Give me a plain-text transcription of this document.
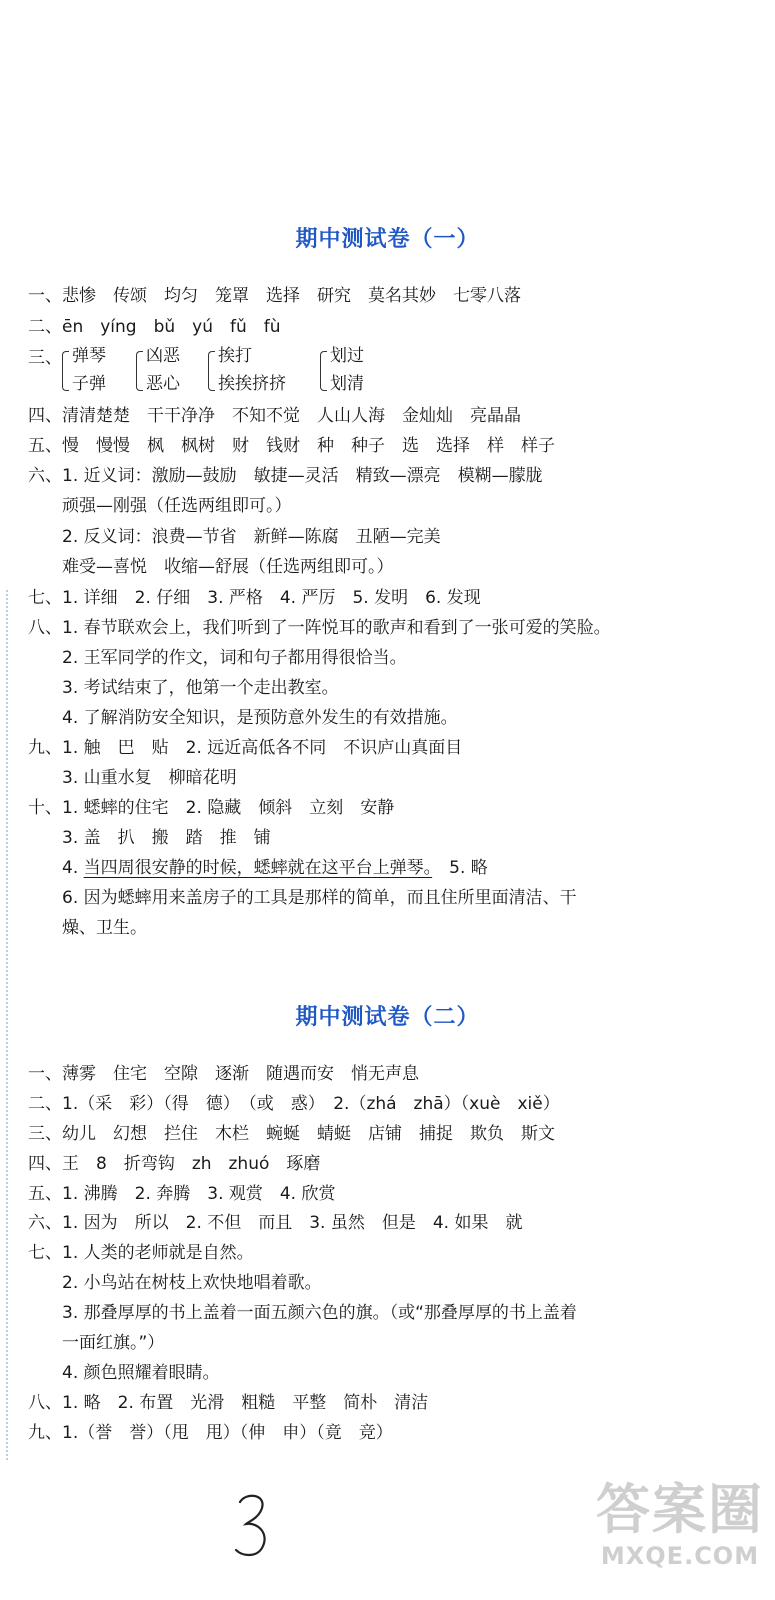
期中测试卷（一）
一、悲惨　传颂　均匀　笼罩　选择　研究　莫名其妙　七零八落
二、ēn　yíng　bǔ　yú　fǔ　fù
三、 弹琴
子弹
凶恶
恶心
挨打
挨挨挤挤
划过
划清
四、清清楚楚　干干净净　不知不觉　人山人海　金灿灿　亮晶晶
五、慢　慢慢　枫　枫树　财　钱财　种　种子　选　选择　样　样子
六、1. 近义词：激励—鼓励　敏捷—灵活　精致—漂亮　模糊—朦胧
　　顽强—刚强（任选两组即可。）
　　2. 反义词：浪费—节省　新鲜—陈腐　丑陋—完美
　　难受—喜悦　收缩—舒展（任选两组即可。）
七、1. 详细　2. 仔细　3. 严格　4. 严厉　5. 发明　6. 发现
八、1. 春节联欢会上，我们听到了一阵悦耳的歌声和看到了一张可爱的笑脸。
　　2. 王军同学的作文，词和句子都用得很恰当。
　　3. 考试结束了，他第一个走出教室。
　　4. 了解消防安全知识，是预防意外发生的有效措施。
九、1. 触　巴　贴　2. 远近高低各不同　不识庐山真面目
　　3. 山重水复　柳暗花明
十、1. 蟋蟀的住宅　2. 隐藏　倾斜　立刻　安静
　　3. 盖　扒　搬　踏　推　铺
　　4. 当四周很安静的时候，蟋蟀就在这平台上弹琴。　5. 略
　　6. 因为蟋蟀用来盖房子的工具是那样的简单，而且住所里面清洁、干
　　燥、卫生。
期中测试卷（二）
一、薄雾　住宅　空隙　逐渐　随遇而安　悄无声息
二、1.（采　彩）（得　德）　（或　惑）　2.（zhá　zhā）（xuè　xiě）
三、幼儿　幻想　拦住　木栏　蜿蜒　蜻蜓　店铺　捕捉　欺负　斯文
四、王　8　折弯钩　zh　zhuó　琢磨
五、1. 沸腾　2. 奔腾　3. 观赏　4. 欣赏
六、1. 因为　所以　2. 不但　而且　3. 虽然　但是　4. 如果　就
七、1. 人类的老师就是自然。
　　2. 小鸟站在树枝上欢快地唱着歌。
　　3. 那叠厚厚的书上盖着一面五颜六色的旗。（或“那叠厚厚的书上盖着
　　一面红旗。”）
　　4. 颜色照耀着眼睛。
八、1. 略　2. 布置　光滑　粗糙　平整　简朴　清洁
九、1.（誉　誉）（甩　甩）（伸　申）（竟　竞）
答案圈
MXQE.COM
